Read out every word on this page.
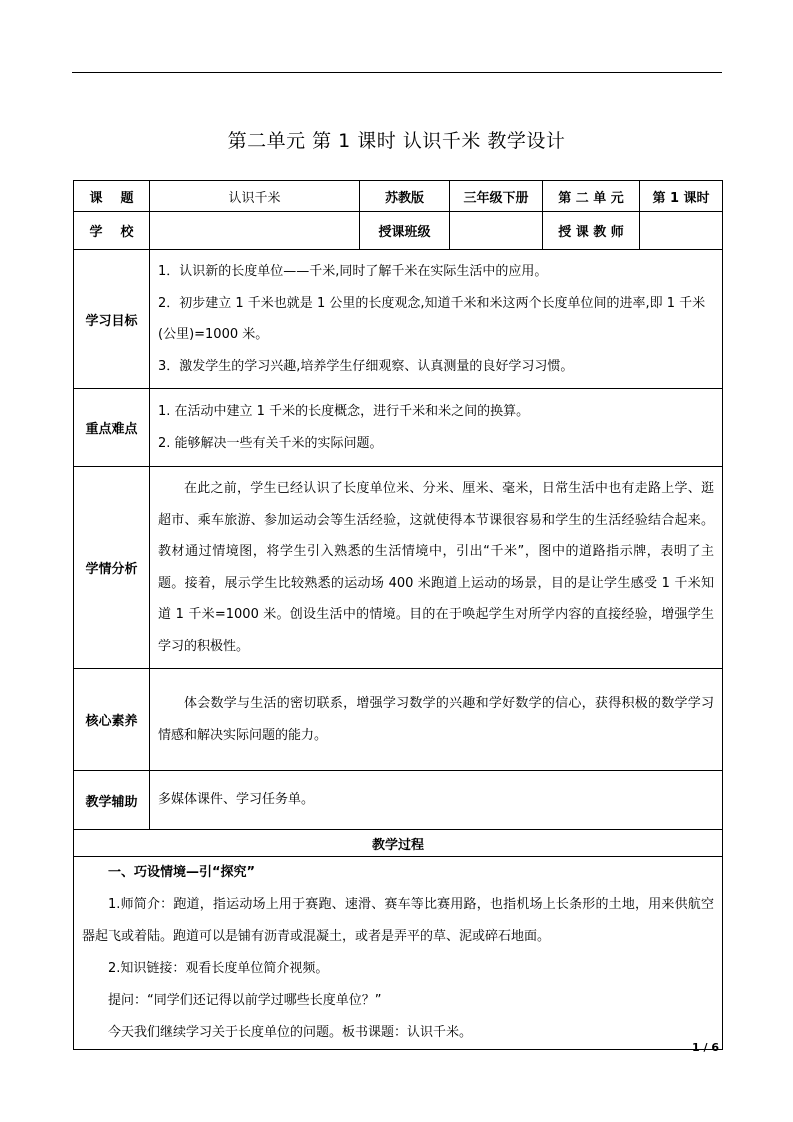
第二单元 第 1 课时 认识千米 教学设计
课    题	认识千米	苏教版	三年级下册	第 二 单 元	第 1 课时
学    校		授课班级		授 课 教 师	
学习目标	1．认识新的长度单位——千米,同时了解千米在实际生活中的应用。
2．初步建立 1 千米也就是 1 公里的长度观念,知道千米和米这两个长度单位间的进率,即 1 千米(公里)=1000 米。
3．激发学生的学习兴趣,培养学生仔细观察、认真测量的良好学习习惯。				

重点难点	1. 在活动中建立 1 千米的长度概念，进行千米和米之间的换算。
2. 能够解决一些有关千米的实际问题。				

学情分析	在此之前，学生已经认识了长度单位米、分米、厘米、毫米，日常生活中也有走路上学、逛超市、乘车旅游、参加运动会等生活经验，这就使得本节课很容易和学生的生活经验结合起来。教材通过情境图，将学生引入熟悉的生活情境中，引出“千米”，图中的道路指示牌，表明了主题。接着，展示学生比较熟悉的运动场 400 米跑道上运动的场景，目的是让学生感受 1 千米知道 1 千米=1000 米。创设生活中的情境。目的在于唤起学生对所学内容的直接经验，增强学生学习的积极性。				

核心素养	体会数学与生活的密切联系，增强学习数学的兴趣和学好数学的信心，获得积极的数学学习情感和解决实际问题的能力。				

教学辅助	多媒体课件、学习任务单。				

教学过程					

一、巧设情境—引“探究”
1.师简介：跑道，指运动场上用于赛跑、速滑、赛车等比赛用路，也指机场上长条形的土地，用来供航空器起飞或着陆。跑道可以是铺有沥青或混凝土，或者是弄平的草、泥或碎石地面。
2.知识链接：观看长度单位简介视频。
提问：“同学们还记得以前学过哪些长度单位？”
今天我们继续学习关于长度单位的问题。板书课题：认识千米。					
1 / 6
